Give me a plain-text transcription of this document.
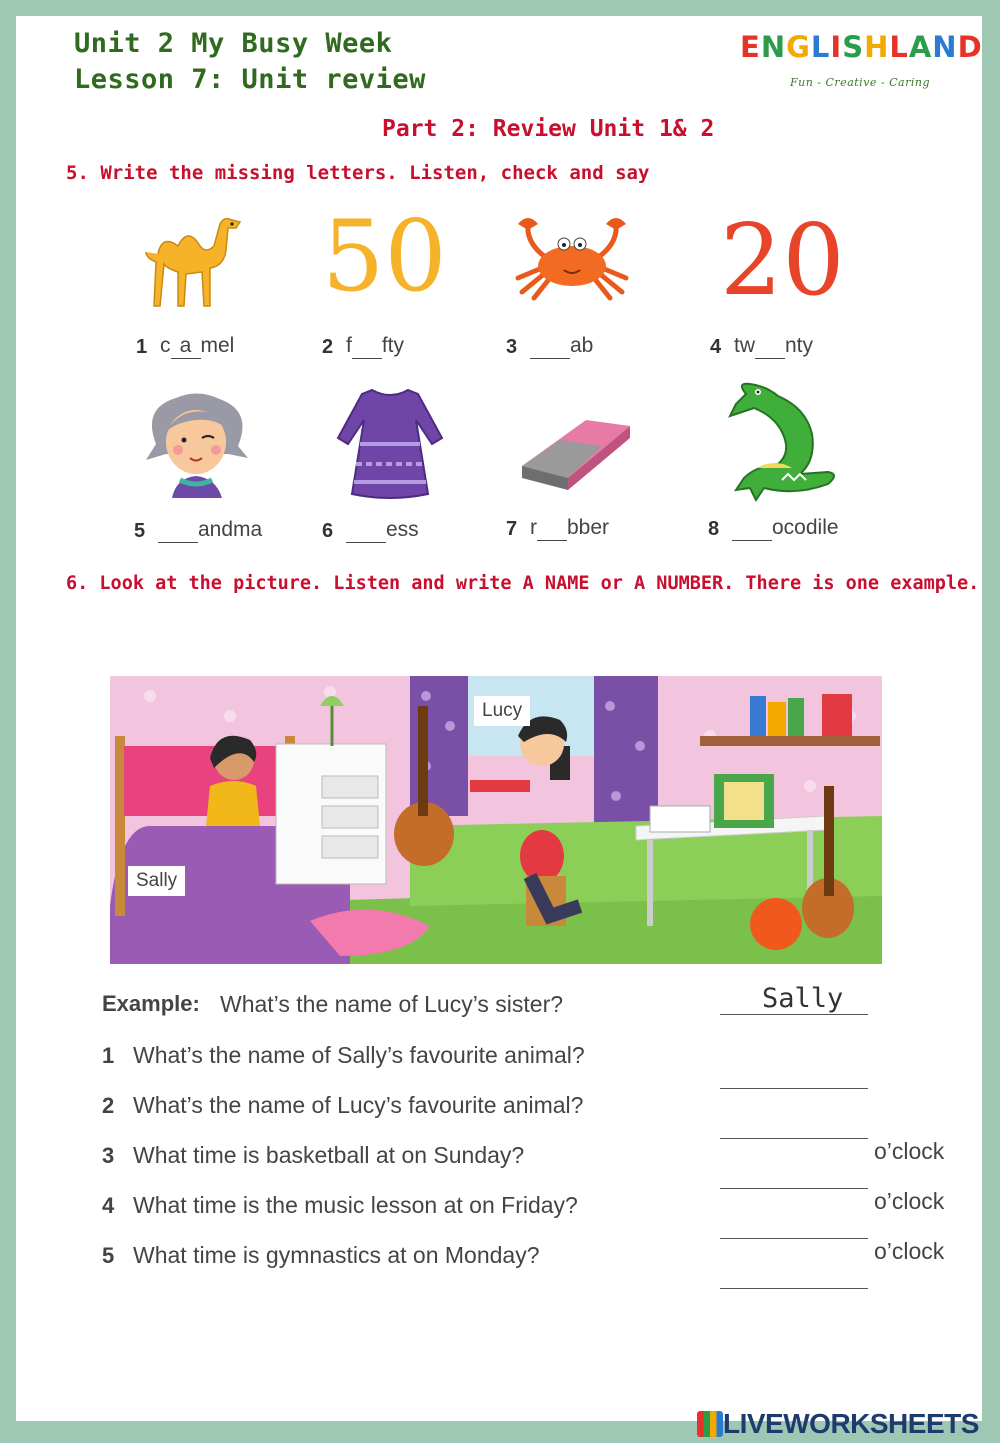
Unit 2 My Busy Week
Lesson 7: Unit review
ENGLISHLAND
Fun - Creative - Caring
Part 2: Review Unit 1& 2
5. Write the missing letters. Listen, check and say
50	20
1 c a mel	2 f fty	3	ab	4 tw nty
5	andma	6	ess	7 r bber	8	ocodile
6. Look at the picture. Listen and write A NAME or A NUMBER. There is one example.
Lucy
Sally
Example: What’s the name of Lucy’s sister?	Sally
1 What’s the name of Sally’s favourite animal?
2 What’s the name of Lucy’s favourite animal?
3 What time is basketball at on Sunday?	o’clock
4 What time is the music lesson at on Friday?	o’clock
5 What time is gymnastics at on Monday?	o’clock
LIVEWORKSHEETS
